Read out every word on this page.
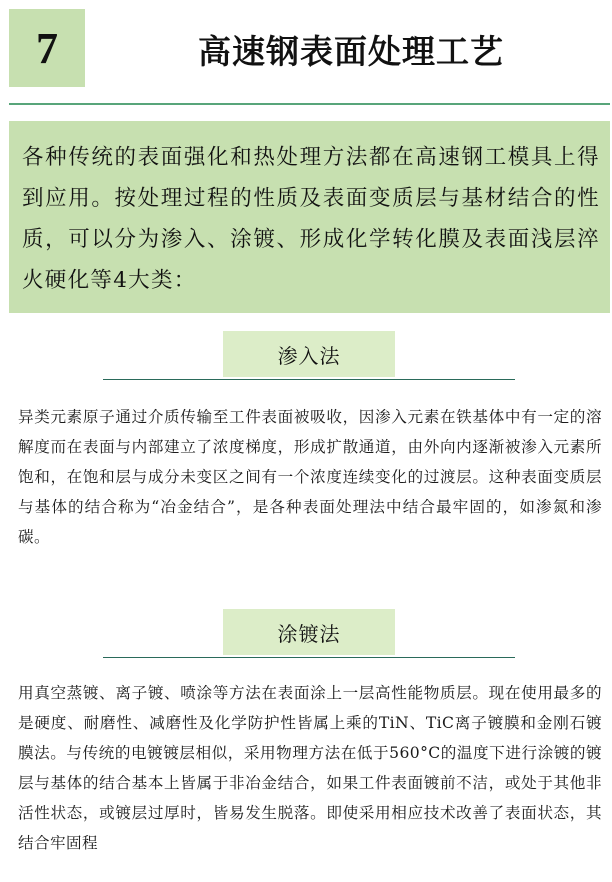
7	高速钢表面处理工艺
各种传统的表面强化和热处理方法都在高速钢工模具上得到应用。按处理过程的性质及表面变质层与基材结合的性质，可以分为渗入、涂镀、形成化学转化膜及表面浅层淬火硬化等4大类：
渗入法
异类元素原子通过介质传输至工件表面被吸收，因渗入元素在铁基体中有一定的溶解度而在表面与内部建立了浓度梯度，形成扩散通道，由外向内逐渐被渗入元素所饱和，在饱和层与成分未变区之间有一个浓度连续变化的过渡层。这种表面变质层与基体的结合称为“冶金结合”，是各种表面处理法中结合最牢固的，如渗氮和渗碳。
涂镀法
用真空蒸镀、离子镀、喷涂等方法在表面涂上一层高性能物质层。现在使用最多的是硬度、耐磨性、减磨性及化学防护性皆属上乘的TiN、TiC离子镀膜和金刚石镀膜法。与传统的电镀镀层相似，采用物理方法在低于560°C的温度下进行涂镀的镀层与基体的结合基本上皆属于非冶金结合，如果工件表面镀前不洁，或处于其他非活性状态，或镀层过厚时，皆易发生脱落。即使采用相应技术改善了表面状态，其结合牢固程
